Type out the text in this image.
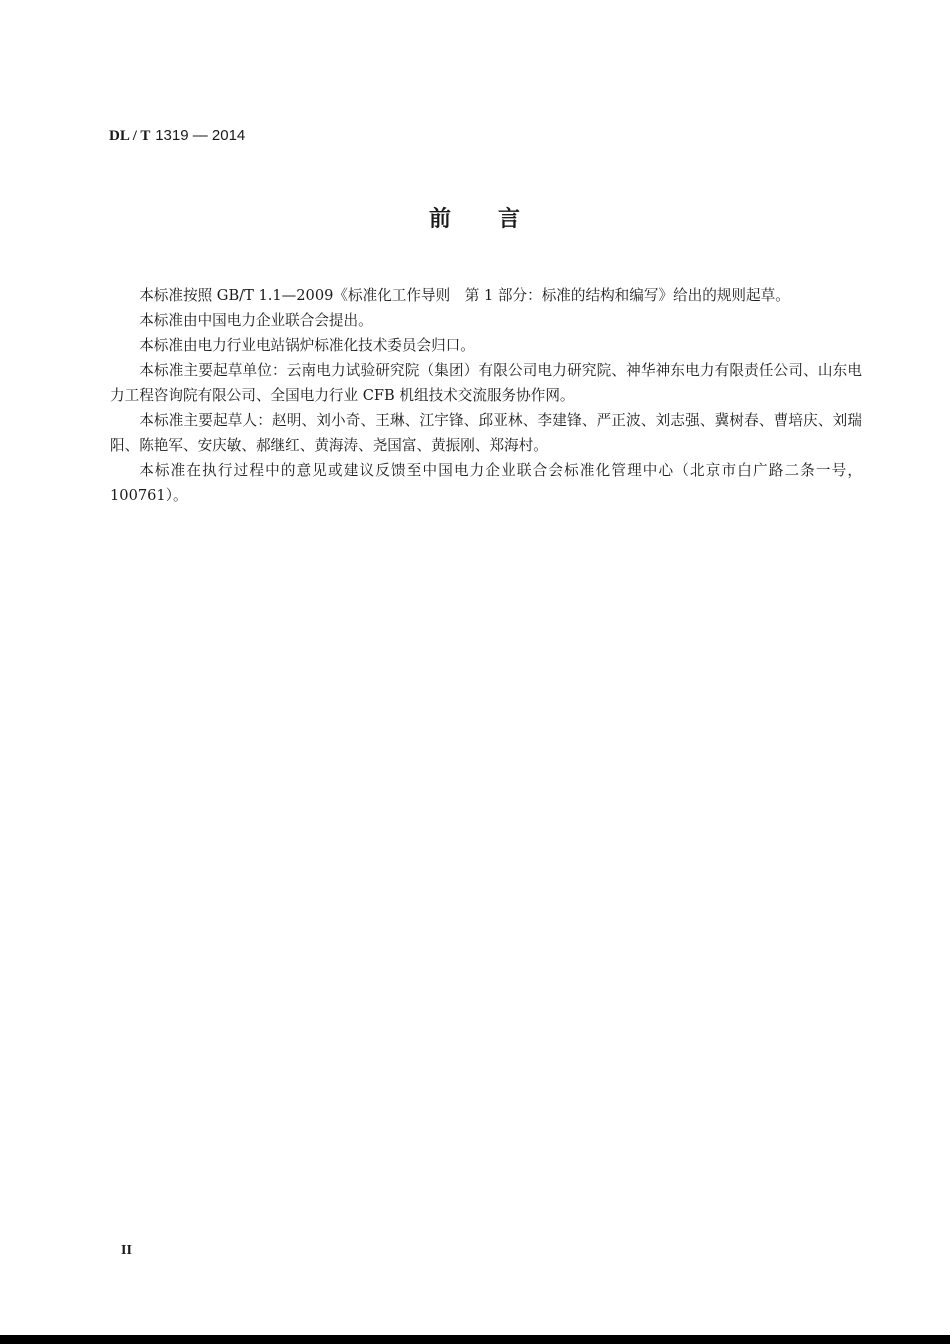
DL / T 1319 — 2014
前 言

本标准按照 GB/T 1.1—2009《标准化工作导则　第 1 部分：标准的结构和编写》给出的规则起草。

本标准由中国电力企业联合会提出。

本标准由电力行业电站锅炉标准化技术委员会归口。

本标准主要起草单位：云南电力试验研究院（集团）有限公司电力研究院、神华神东电力有限责任公司、山东电力工程咨询院有限公司、全国电力行业 CFB 机组技术交流服务协作网。

本标准主要起草人：赵明、刘小奇、王琳、江宇锋、邱亚林、李建锋、严正波、刘志强、冀树春、曹培庆、刘瑞阳、陈艳军、安庆敏、郝继红、黄海涛、尧国富、黄振刚、郑海村。

本标准在执行过程中的意见或建议反馈至中国电力企业联合会标准化管理中心（北京市白广路二条一号，100761）。

II
